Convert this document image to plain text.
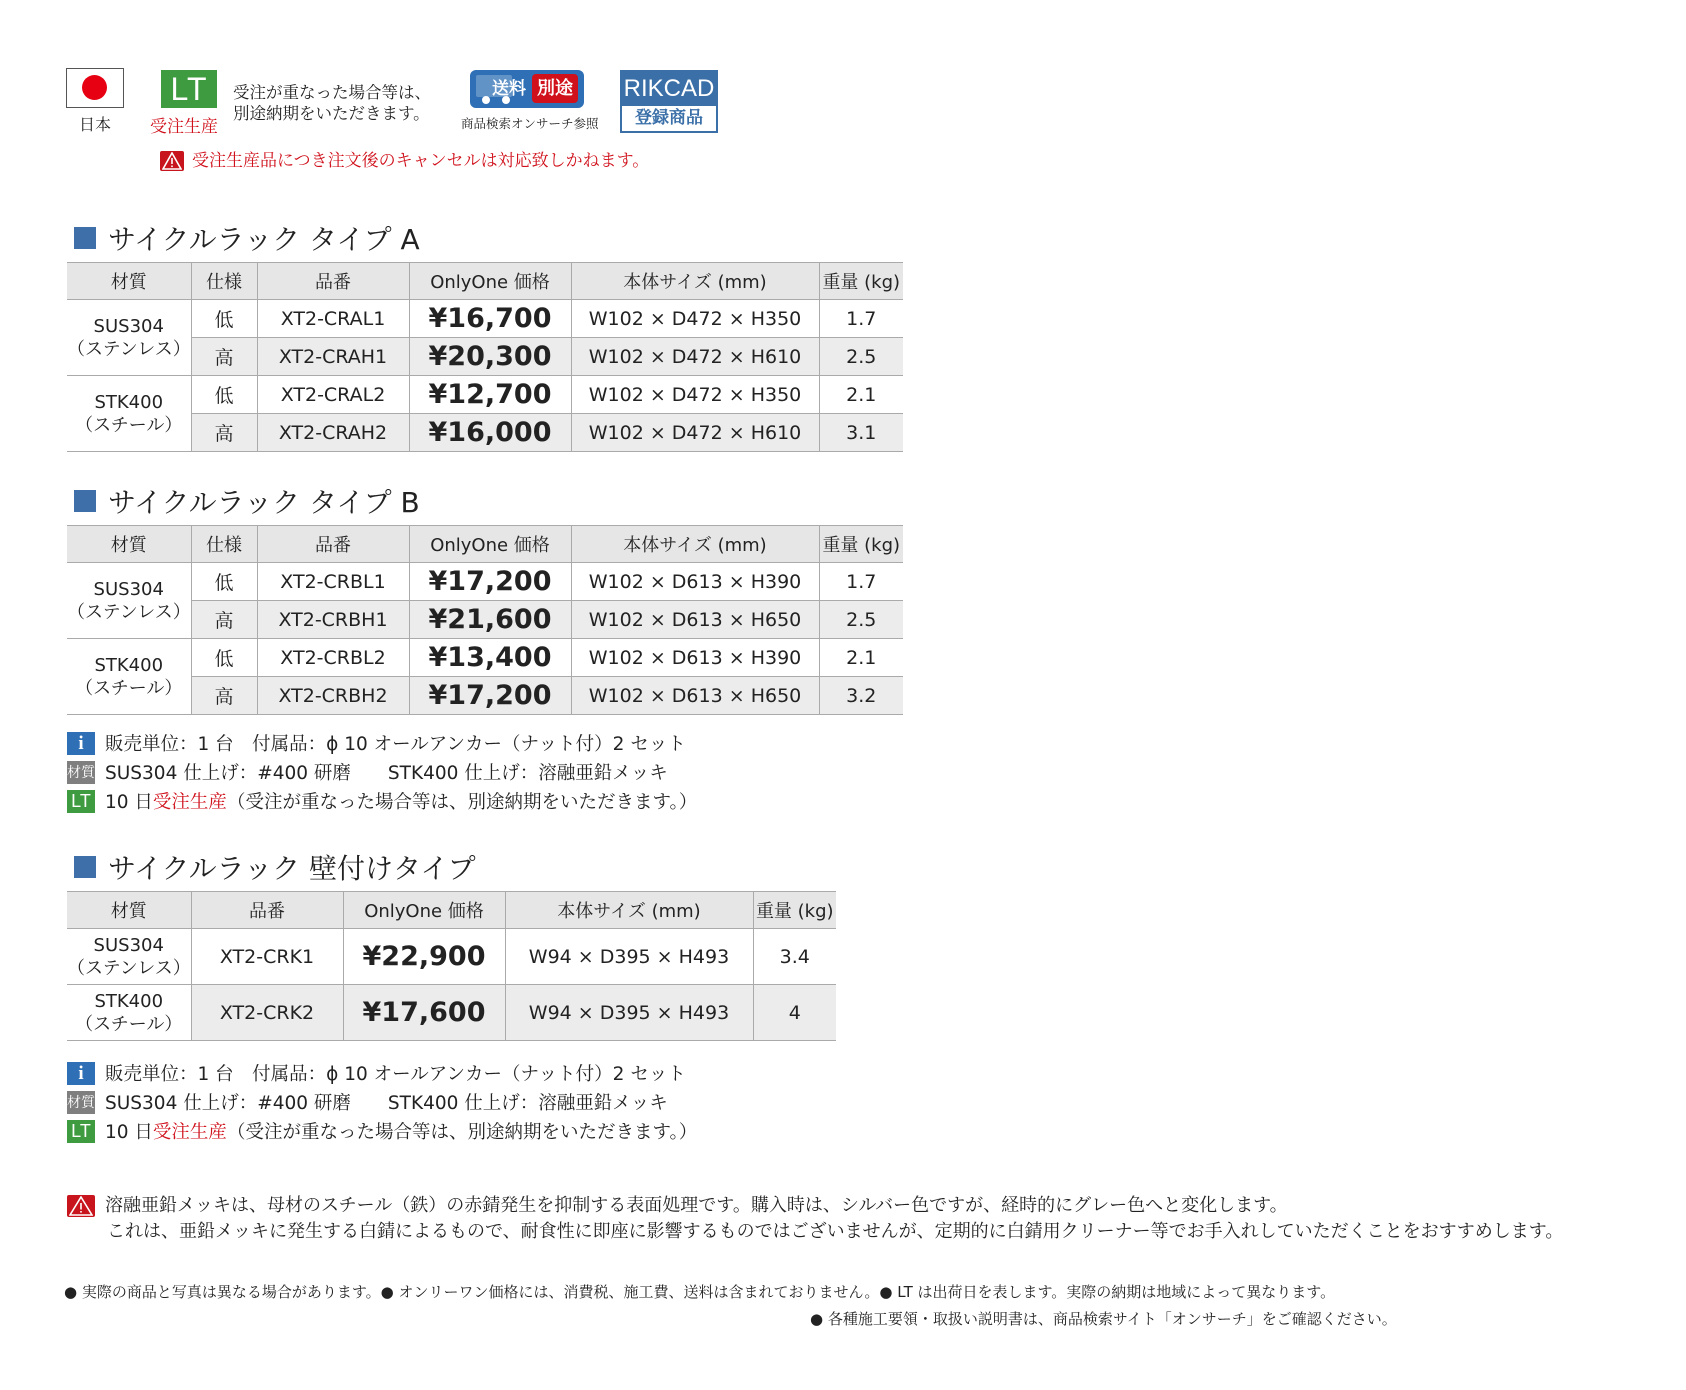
日本
LT
受注生産
受注が重なった場合等は、
別途納期をいただきます。
送料 別途
商品検索オンサーチ参照
RIKCAD
登録商品
受注生産品につき注文後のキャンセルは対応致しかねます。
サイクルラック タイプ A
材質	仕様	品番	OnlyOne 価格	本体サイズ (mm)	重量 (kg)

SUS304
（ステンレス）	低	XT2-CRAL1	¥16,700	W102 × D472 × H350	1.7
	高	XT2-CRAH1	¥20,300	W102 × D472 × H610	2.5

STK400
（スチール）	低	XT2-CRAL2	¥12,700	W102 × D472 × H350	2.1
	高	XT2-CRAH2	¥16,000	W102 × D472 × H610	3.1
サイクルラック タイプ B
材質	仕様	品番	OnlyOne 価格	本体サイズ (mm)	重量 (kg)

SUS304
（ステンレス）	低	XT2-CRBL1	¥17,200	W102 × D613 × H390	1.7
	高	XT2-CRBH1	¥21,600	W102 × D613 × H650	2.5

STK400
（スチール）	低	XT2-CRBL2	¥13,400	W102 × D613 × H390	2.1
	高	XT2-CRBH2	¥17,200	W102 × D613 × H650	3.2
i	販売単位：1 台　付属品：ϕ 10 オールアンカー（ナット付）2 セット
材質 SUS304 仕上げ：#400 研磨　　STK400 仕上げ：溶融亜鉛メッキ
LT 10 日 受注生産 （受注が重なった場合等は、別途納期をいただきます。）
サイクルラック 壁付けタイプ
材質	品番	OnlyOne 価格	本体サイズ (mm)	重量 (kg)

SUS304
（ステンレス）	XT2-CRK1	¥22,900	W94 × D395 × H493	3.4

STK400
（スチール）	XT2-CRK2	¥17,600	W94 × D395 × H493	4
i	販売単位：1 台　付属品：ϕ 10 オールアンカー（ナット付）2 セット
材質 SUS304 仕上げ：#400 研磨　　STK400 仕上げ：溶融亜鉛メッキ
LT 10 日 受注生産 （受注が重なった場合等は、別途納期をいただきます。）
溶融亜鉛メッキは、母材のスチール（鉄）の赤錆発生を抑制する表面処理です。購入時は、シルバー色ですが、経時的にグレー色へと変化します。
これは、亜鉛メッキに発生する白錆によるもので、耐食性に即座に影響するものではございませんが、定期的に白錆用クリーナー等でお手入れしていただくことをおすすめします。
● 実際の商品と写真は異なる場合があります。● オンリーワン価格には、消費税、施工費、送料は含まれておりません。● LT は出荷日を表します。実際の納期は地域によって異なります。
● 各種施工要領・取扱い説明書は、商品検索サイト「オンサーチ」をご確認ください。
